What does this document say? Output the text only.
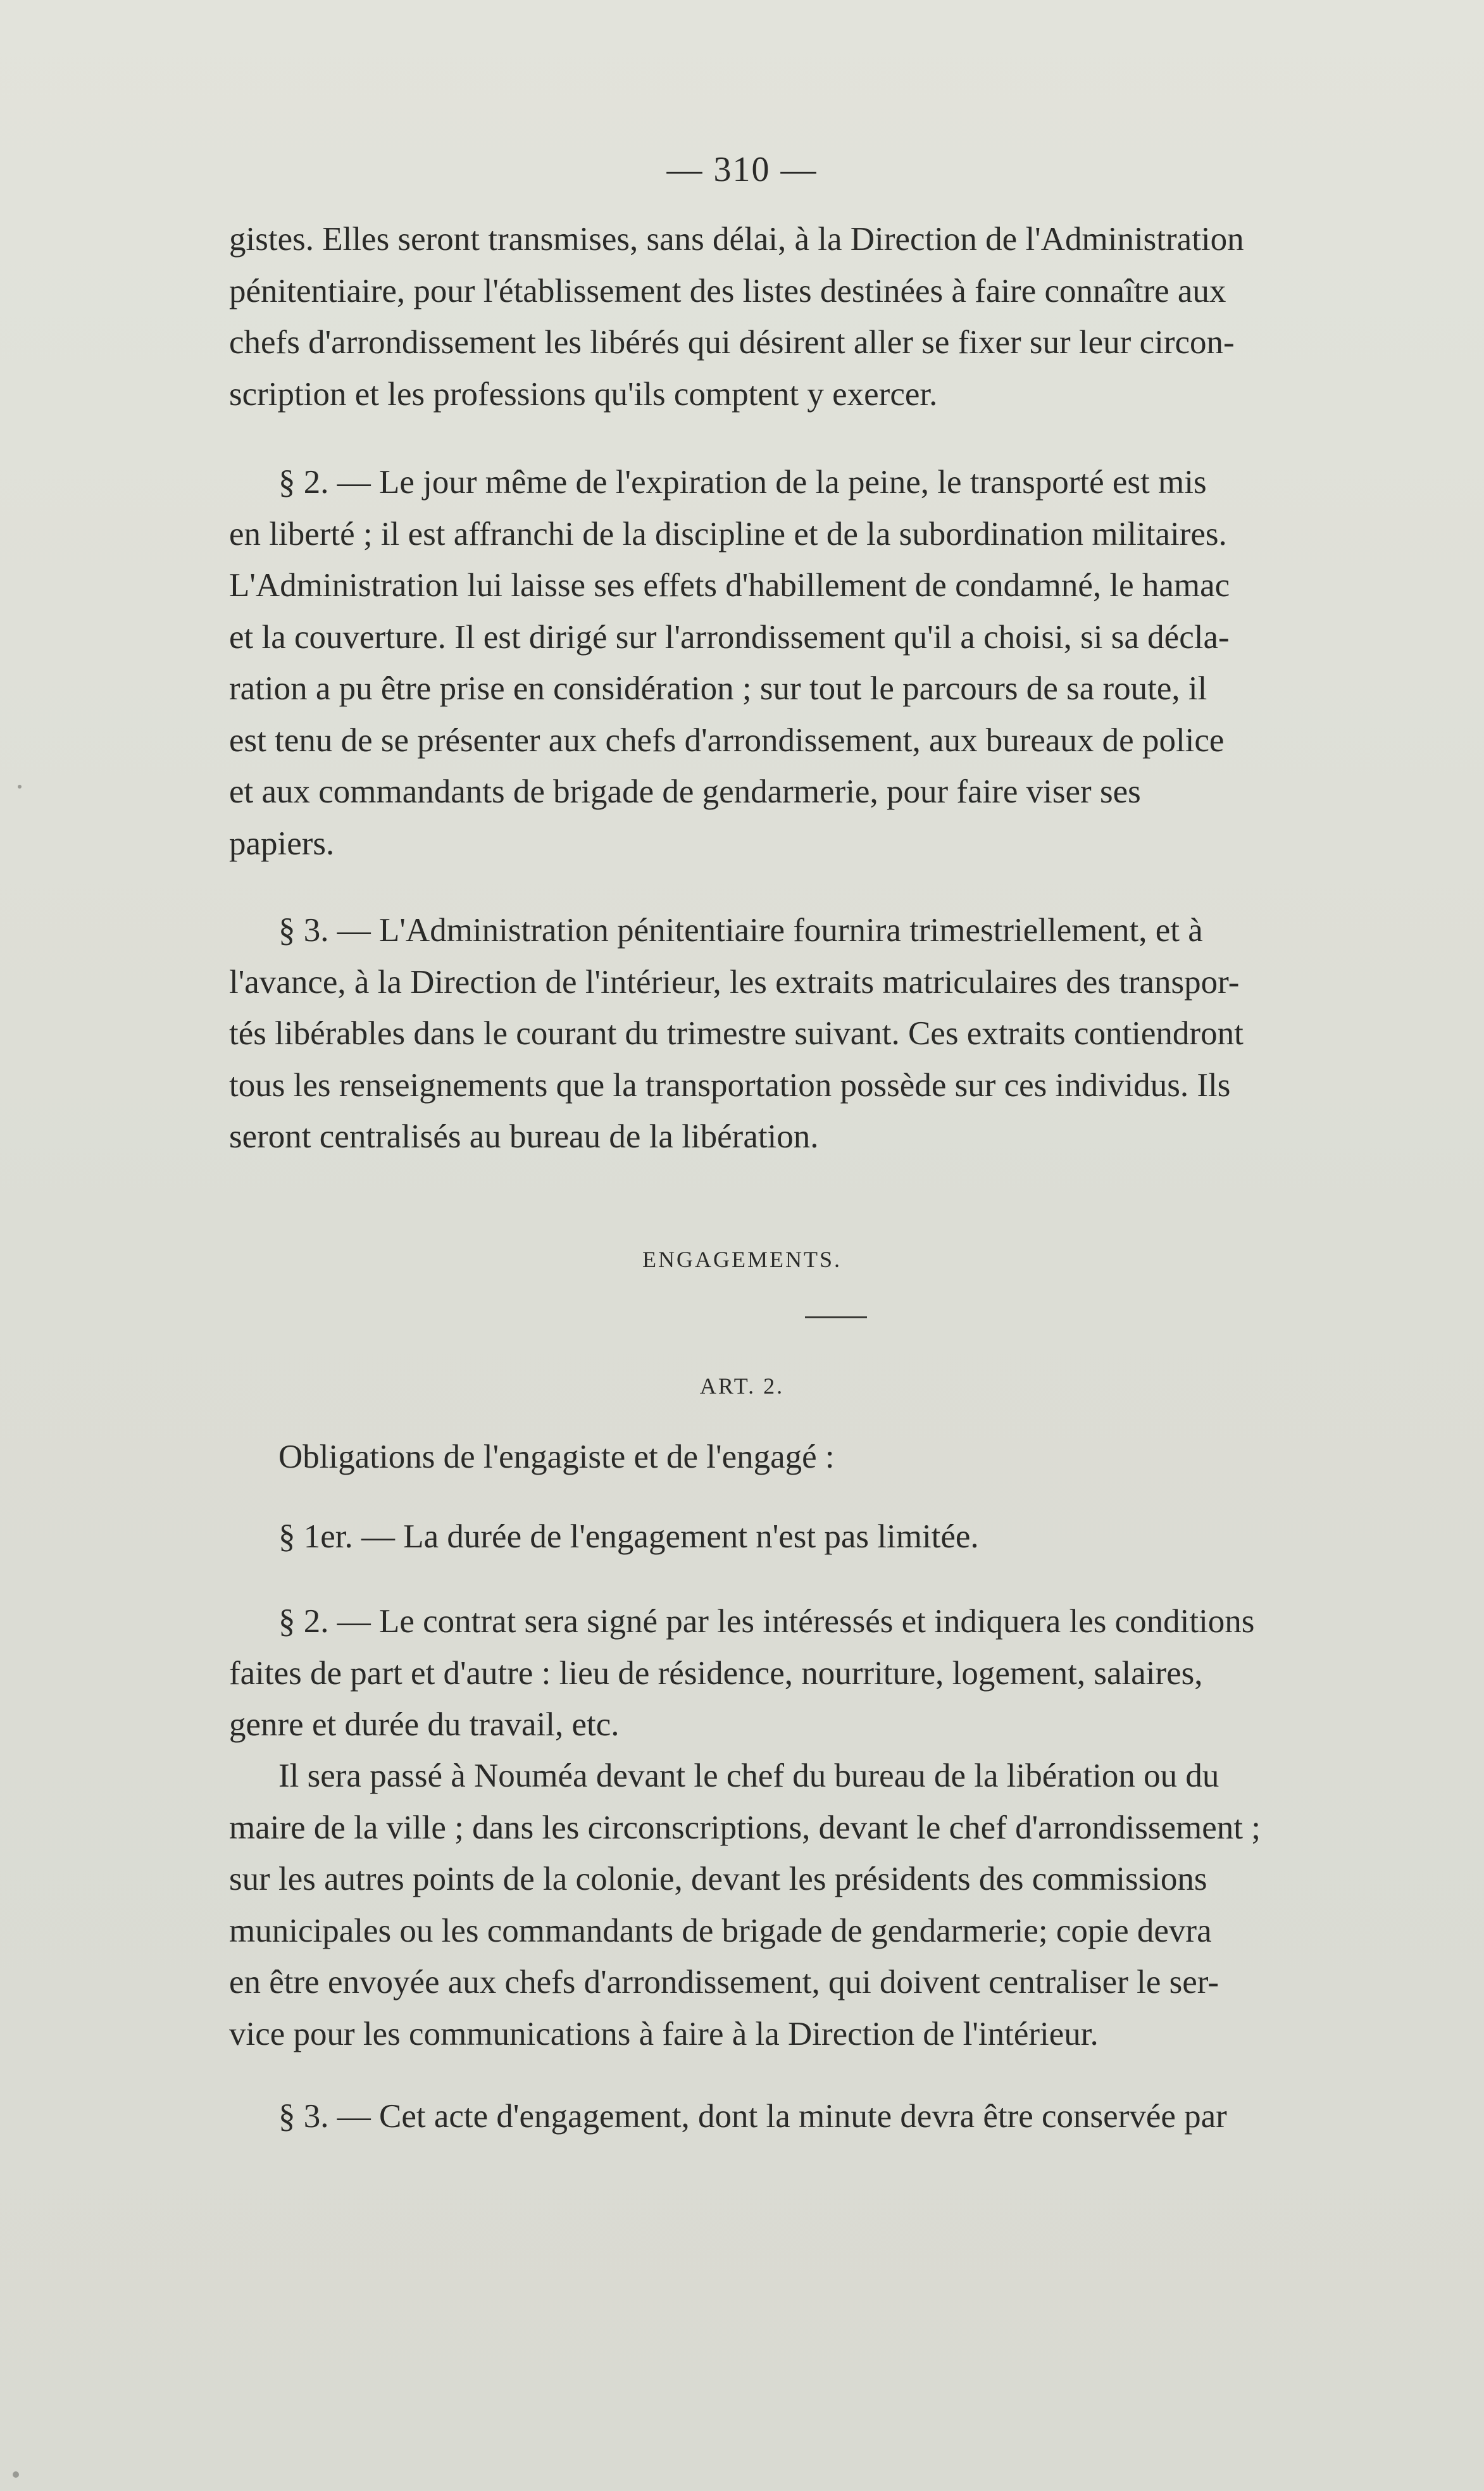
— 310 —

gistes. Elles seront transmises, sans délai, à la Direction de l'Administration

pénitentiaire, pour l'établissement des listes destinées à faire connaître aux

chefs d'arrondissement les libérés qui désirent aller se fixer sur leur circon-

scription et les professions qu'ils comptent y exercer.

§ 2. — Le jour même de l'expiration de la peine, le transporté est mis

en liberté ; il est affranchi de la discipline et de la subordination militaires.

L'Administration lui laisse ses effets d'habillement de condamné, le hamac

et la couverture. Il est dirigé sur l'arrondissement qu'il a choisi, si sa décla-

ration a pu être prise en considération ; sur tout le parcours de sa route, il

est tenu de se présenter aux chefs d'arrondissement, aux bureaux de police

et aux commandants de brigade de gendarmerie, pour faire viser ses

papiers.

§ 3. — L'Administration pénitentiaire fournira trimestriellement, et à

l'avance, à la Direction de l'intérieur, les extraits matriculaires des transpor-

tés libérables dans le courant du trimestre suivant. Ces extraits contiendront

tous les renseignements que la transportation possède sur ces individus. Ils

seront centralisés au bureau de la libération.

ENGAGEMENTS.
ART. 2.

Obligations de l'engagiste et de l'engagé :

§ 1er. — La durée de l'engagement n'est pas limitée.

§ 2. — Le contrat sera signé par les intéressés et indiquera les conditions

faites de part et d'autre : lieu de résidence, nourriture, logement, salaires,

genre et durée du travail, etc.

Il sera passé à Nouméa devant le chef du bureau de la libération ou du

maire de la ville ; dans les circonscriptions, devant le chef d'arrondissement ;

sur les autres points de la colonie, devant les présidents des commissions

municipales ou les commandants de brigade de gendarmerie; copie devra

en être envoyée aux chefs d'arrondissement, qui doivent centraliser le ser-

vice pour les communications à faire à la Direction de l'intérieur.

§ 3. — Cet acte d'engagement, dont la minute devra être conservée par
